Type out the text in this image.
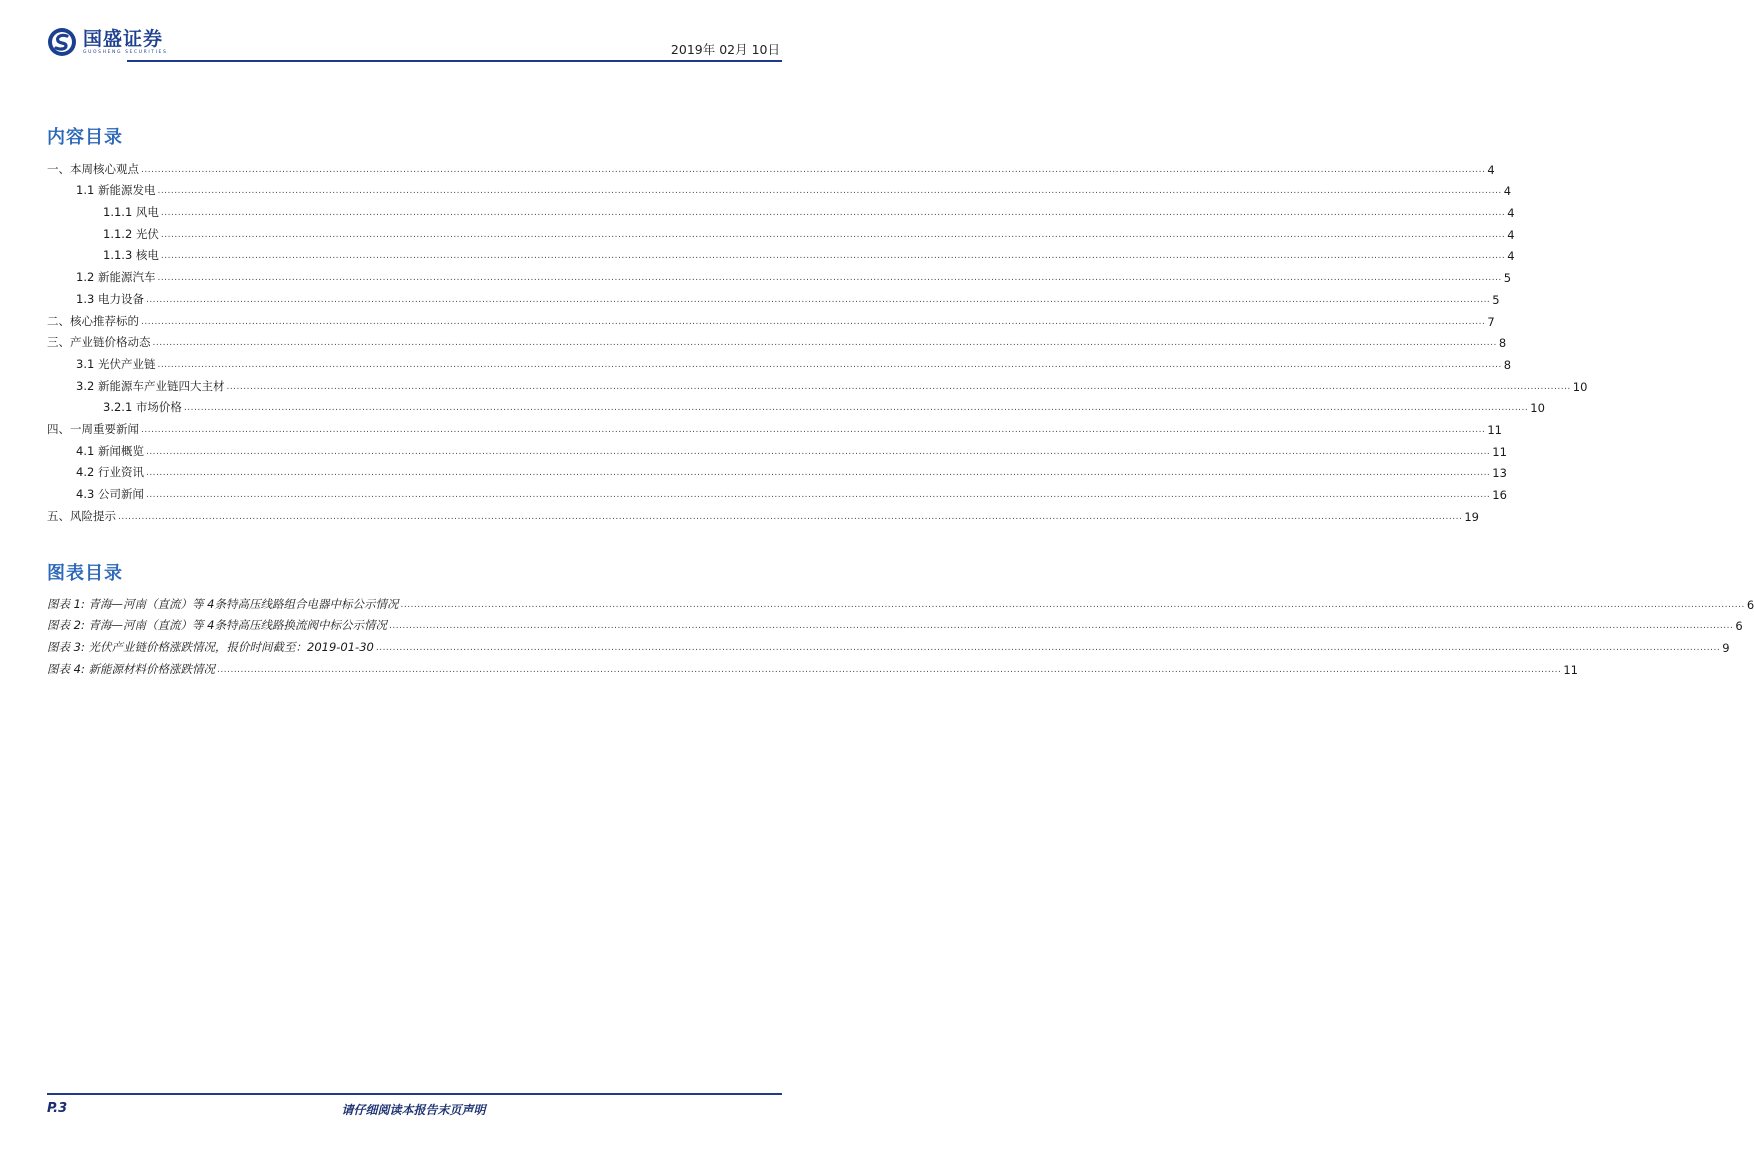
国盛证券
GUOSHENG SECURITIES	2019年 02月 10日
内容目录
一、本周核心观点 ................................................................................................................................................................................................................................................................................................................................................................................................................ 4
1.1 新能源发电 ................................................................................................................................................................................................................................................................................................................................................................................................................ 4
1.1.1 风电 ................................................................................................................................................................................................................................................................................................................................................................................................................ 4
1.1.2 光伏 ................................................................................................................................................................................................................................................................................................................................................................................................................ 4
1.1.3 核电 ................................................................................................................................................................................................................................................................................................................................................................................................................ 4
1.2 新能源汽车 ................................................................................................................................................................................................................................................................................................................................................................................................................ 5
1.3 电力设备 ................................................................................................................................................................................................................................................................................................................................................................................................................ 5
二、核心推荐标的 ................................................................................................................................................................................................................................................................................................................................................................................................................ 7
三、产业链价格动态 ................................................................................................................................................................................................................................................................................................................................................................................................................ 8
3.1 光伏产业链 ................................................................................................................................................................................................................................................................................................................................................................................................................ 8
3.2 新能源车产业链四大主材 ................................................................................................................................................................................................................................................................................................................................................................................................................ 10
3.2.1 市场价格 ................................................................................................................................................................................................................................................................................................................................................................................................................ 10
四、一周重要新闻 ................................................................................................................................................................................................................................................................................................................................................................................................................ 11
4.1 新闻概览 ................................................................................................................................................................................................................................................................................................................................................................................................................ 11
4.2 行业资讯 ................................................................................................................................................................................................................................................................................................................................................................................................................ 13
4.3 公司新闻 ................................................................................................................................................................................................................................................................................................................................................................................................................ 16
五、风险提示 ................................................................................................................................................................................................................................................................................................................................................................................................................ 19
图表目录
图表 1: 青海—河南（直流）等 4条特高压线路组合电器中标公示情况 ................................................................................................................................................................................................................................................................................................................................................................................................................ 6
图表 2: 青海—河南（直流）等 4条特高压线路换流阀中标公示情况 ................................................................................................................................................................................................................................................................................................................................................................................................................ 6
图表 3: 光伏产业链价格涨跌情况，报价时间截至：2019-01-30 ................................................................................................................................................................................................................................................................................................................................................................................................................ 9
图表 4: 新能源材料价格涨跌情况 ................................................................................................................................................................................................................................................................................................................................................................................................................ 11
P.3	请仔细阅读本报告末页声明
